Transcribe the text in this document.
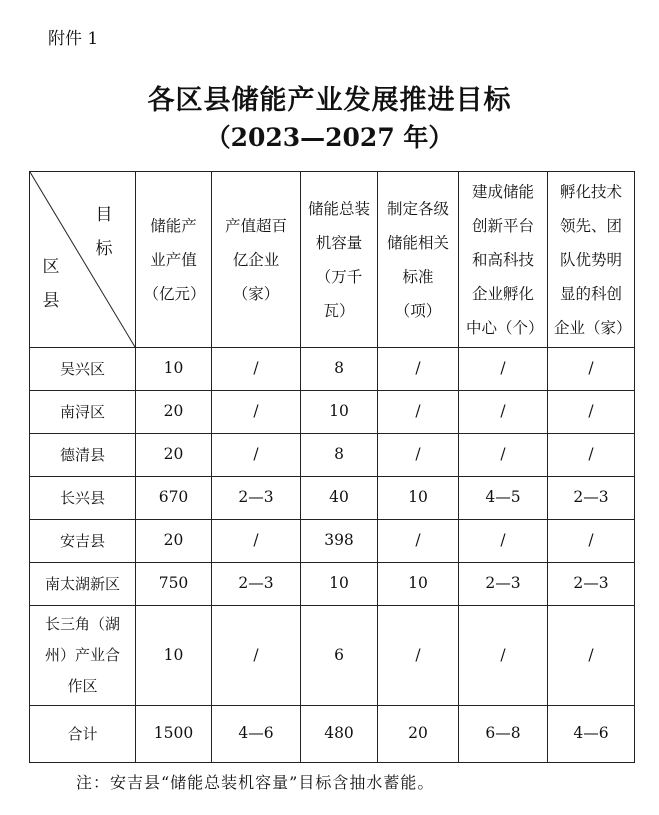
附件 1
各区县储能产业发展推进目标
（2023—2027 年）
目标
区县	储能产业产值（亿元）	产值超百亿企业（家）	储能总装机容量（万千瓦）	制定各级储能相关标准（项）	建成储能创新平台和高科技企业孵化中心（个）	孵化技术领先、团队优势明显的科创企业（家）

吴兴区	10	/	8	/	/	/
南浔区	20	/	10	/	/	/
德清县	20	/	8	/	/	/
长兴县	670	2—3	40	10	4—5	2—3
安吉县	20	/	398	/	/	/
南太湖新区	750	2—3	10	10	2—3	2—3

长三角（湖州）产业合作区	10	/	6	/	/	/
合计	1500	4—6	480	20	6—8	4—6
注：安吉县“储能总装机容量”目标含抽水蓄能。
